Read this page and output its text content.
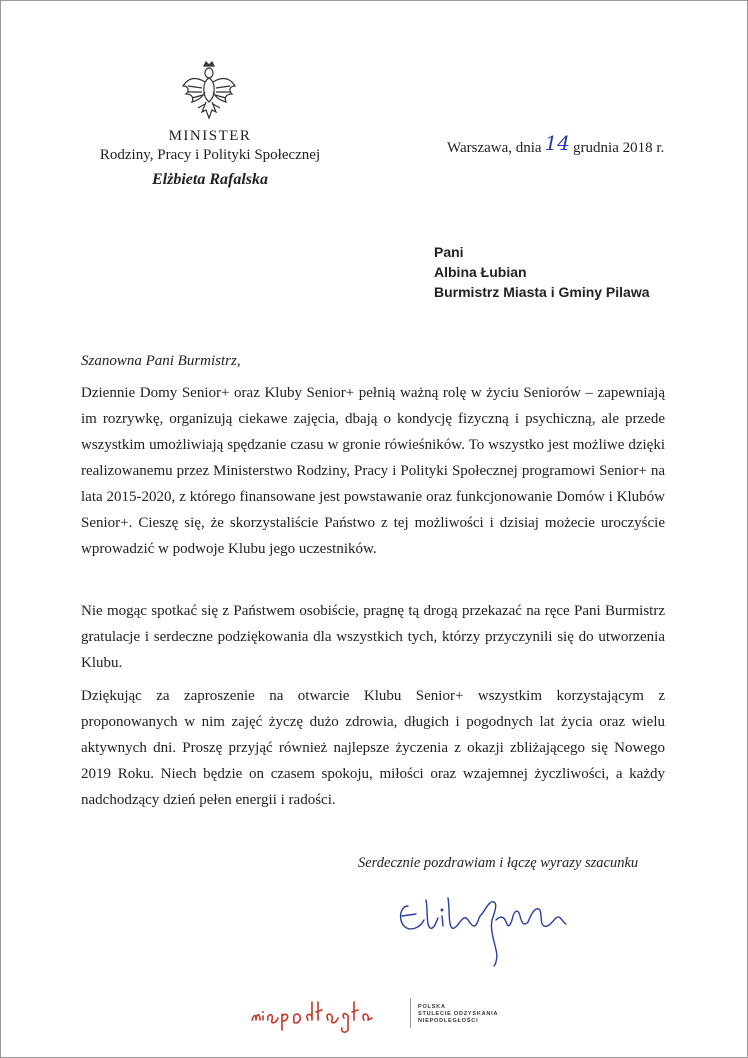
MINISTER
Rodziny, Pracy i Polityki Społecznej
Elżbieta Rafalska
Warszawa, dnia 14 grudnia 2018 r.
Pani
Albina Łubian
Burmistrz Miasta i Gminy Pilawa
Szanowna Pani Burmistrz,

Dziennie Domy Senior+ oraz Kluby Senior+ pełnią ważną rolę w życiu Seniorów – zapewniają im rozrywkę, organizują ciekawe zajęcia, dbają o kondycję fizyczną i psychiczną, ale przede wszystkim umożliwiają spędzanie czasu w gronie rówieśników. To wszystko jest możliwe dzięki realizowanemu przez Ministerstwo Rodziny, Pracy i Polityki Społecznej programowi Senior+ na lata 2015-2020, z którego finansowane jest powstawanie oraz funkcjonowanie Domów i Klubów Senior+. Cieszę się, że skorzystaliście Państwo z tej możliwości i dzisiaj możecie uroczyście wprowadzić w podwoje Klubu jego uczestników.

Nie mogąc spotkać się z Państwem osobiście, pragnę tą drogą przekazać na ręce Pani Burmistrz gratulacje i serdeczne podziękowania dla wszystkich tych, którzy przyczynili się do utworzenia Klubu.

Dziękując za zaproszenie na otwarcie Klubu Senior+ wszystkim korzystającym z proponowanych w nim zajęć życzę dużo zdrowia, długich i pogodnych lat życia oraz wielu aktywnych dni. Proszę przyjąć również najlepsze życzenia z okazji zbliżającego się Nowego 2019 Roku. Niech będzie on czasem spokoju, miłości oraz wzajemnej życzliwości, a każdy nadchodzący dzień pełen energii i radości.

Serdecznie pozdrawiam i łączę wyrazy szacunku
POLSKA
STULECIE ODZYSKANIA
NIEPODLEGŁOŚCI
